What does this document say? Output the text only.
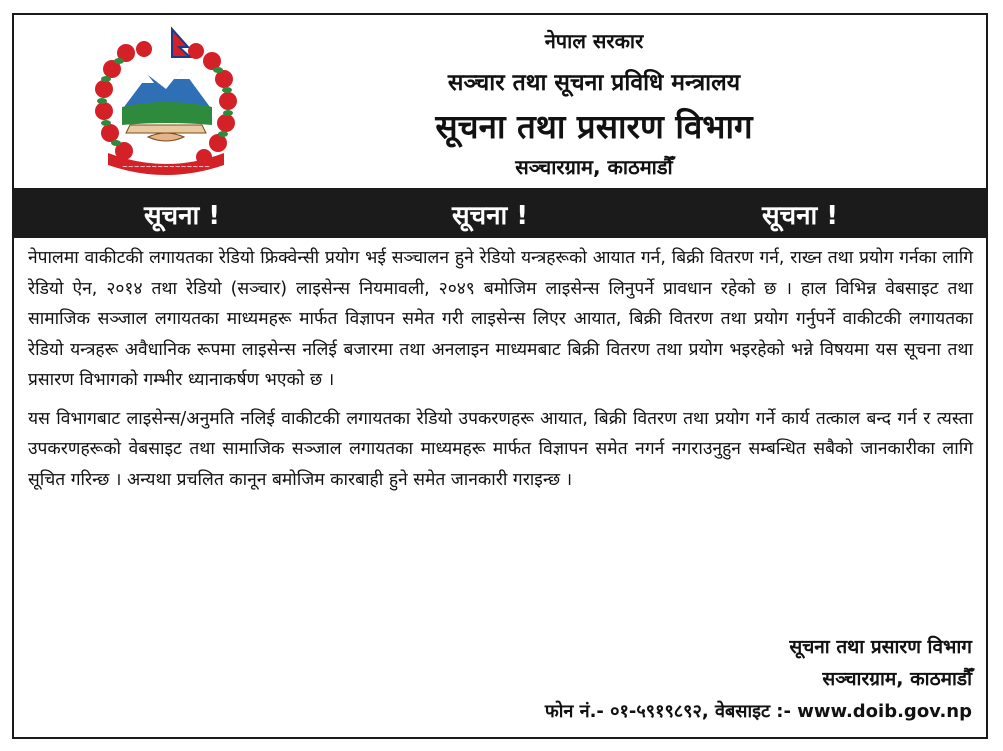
~~~~~~~~~~~~~~~
नेपाल सरकार
सञ्चार तथा सूचना प्रविधि मन्त्रालय
सूचना तथा प्रसारण विभाग
सञ्चारग्राम, काठमाडौँ
सूचना !	सूचना !	सूचना !

नेपालमा वाकीटकी लगायतका रेडियो फ्रिक्वेन्सी प्रयोग भई सञ्चालन हुने रेडियो यन्त्रहरूको आयात गर्न, बिक्री वितरण गर्न, राख्न तथा प्रयोग गर्नका लागि रेडियो ऐन, २०१४ तथा रेडियो (सञ्चार) लाइसेन्स नियमावली, २०४९ बमोजिम लाइसेन्स लिनुपर्ने प्रावधान रहेको छ । हाल विभिन्न वेबसाइट तथा सामाजिक सञ्जाल लगायतका माध्यमहरू मार्फत विज्ञापन समेत गरी लाइसेन्स लिएर आयात, बिक्री वितरण तथा प्रयोग गर्नुपर्ने वाकीटकी लगायतका रेडियो यन्त्रहरू अवैधानिक रूपमा लाइसेन्स नलिई बजारमा तथा अनलाइन माध्यमबाट बिक्री वितरण तथा प्रयोग भइरहेको भन्ने विषयमा यस सूचना तथा प्रसारण विभागको गम्भीर ध्यानाकर्षण भएको छ ।

यस विभागबाट लाइसेन्स/अनुमति नलिई वाकीटकी लगायतका रेडियो उपकरणहरू आयात, बिक्री वितरण तथा प्रयोग गर्ने कार्य तत्काल बन्द गर्न र त्यस्ता उपकरणहरूको वेबसाइट तथा सामाजिक सञ्जाल लगायतका माध्यमहरू मार्फत विज्ञापन समेत नगर्न नगराउनुहुन सम्बन्धित सबैको जानकारीका लागि सूचित गरिन्छ । अन्यथा प्रचलित कानून बमोजिम कारबाही हुने समेत जानकारी गराइन्छ ।

सूचना तथा प्रसारण विभाग
सञ्चारग्राम, काठमाडौँ
फोन नं.- ०१-५९१९८९२, वेबसाइट :- www.doib.gov.np
